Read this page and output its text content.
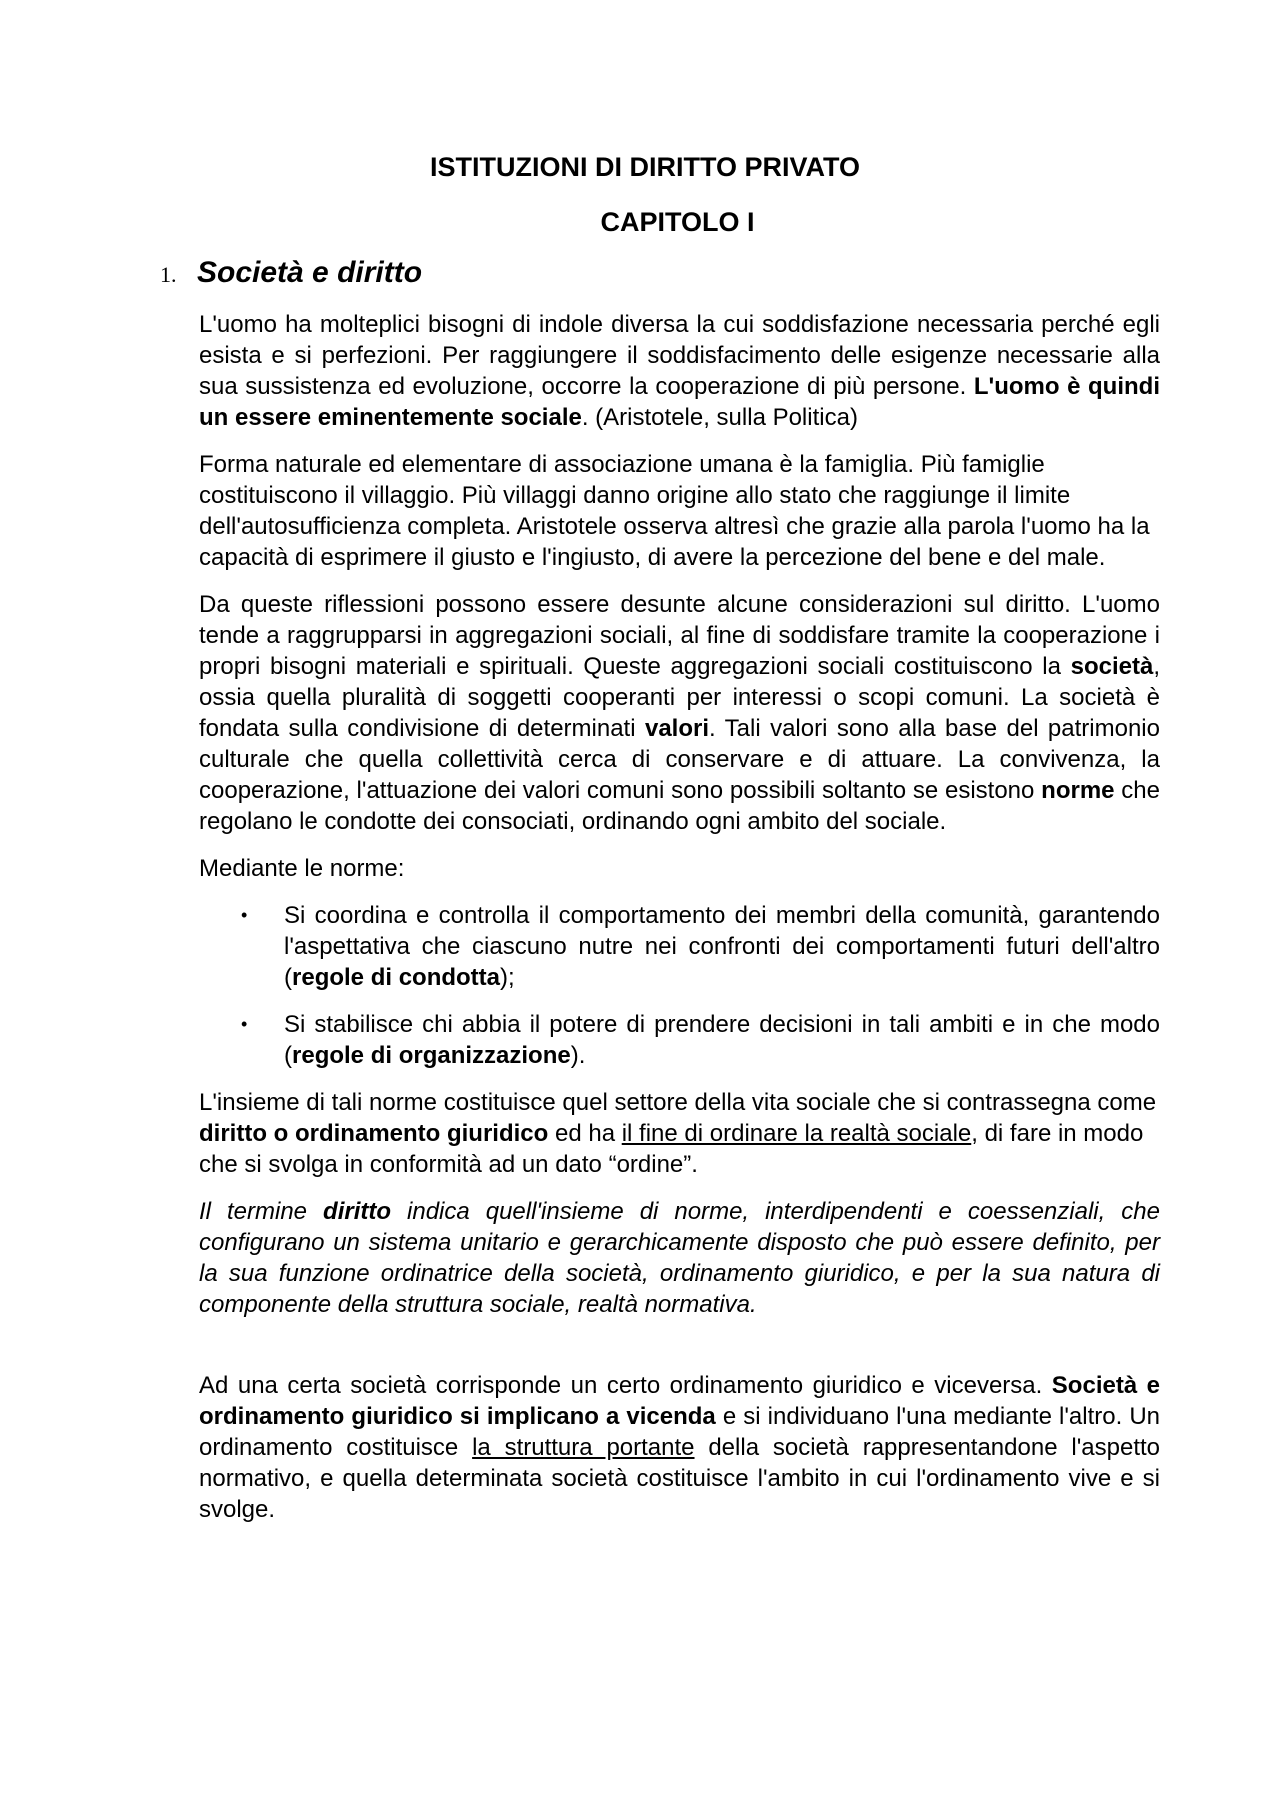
ISTITUZIONI DI DIRITTO PRIVATO
CAPITOLO I
1. Società e diritto

L'uomo ha molteplici bisogni di indole diversa la cui soddisfazione necessaria perché egli esista e si perfezioni. Per raggiungere il soddisfacimento delle esigenze necessarie alla sua sussistenza ed evoluzione, occorre la cooperazione di più persone. L'uomo è quindi un essere eminentemente sociale. (Aristotele, sulla Politica)

Forma naturale ed elementare di associazione umana è la famiglia. Più famiglie costituiscono il villaggio. Più villaggi danno origine allo stato che raggiunge il limite dell'autosufficienza completa. Aristotele osserva altresì che grazie alla parola l'uomo ha la capacità di esprimere il giusto e l'ingiusto, di avere la percezione del bene e del male.

Da queste riflessioni possono essere desunte alcune considerazioni sul diritto. L'uomo tende a raggrupparsi in aggregazioni sociali, al fine di soddisfare tramite la cooperazione i propri bisogni materiali e spirituali. Queste aggregazioni sociali costituiscono la società, ossia quella pluralità di soggetti cooperanti per interessi o scopi comuni. La società è fondata sulla condivisione di determinati valori. Tali valori sono alla base del patrimonio culturale che quella collettività cerca di conservare e di attuare. La convivenza, la cooperazione, l'attuazione dei valori comuni sono possibili soltanto se esistono norme che regolano le condotte dei consociati, ordinando ogni ambito del sociale.

Mediante le norme:

• Si coordina e controlla il comportamento dei membri della comunità, garantendo l'aspettativa che ciascuno nutre nei confronti dei comportamenti futuri dell'altro (regole di condotta);
• Si stabilisce chi abbia il potere di prendere decisioni in tali ambiti e in che modo (regole di organizzazione).

L'insieme di tali norme costituisce quel settore della vita sociale che si contrassegna come diritto o ordinamento giuridico ed ha il fine di ordinare la realtà sociale, di fare in modo che si svolga in conformità ad un dato “ordine”.

Il termine diritto indica quell'insieme di norme, interdipendenti e coessenziali, che configurano un sistema unitario e gerarchicamente disposto che può essere definito, per la sua funzione ordinatrice della società, ordinamento giuridico, e per la sua natura di componente della struttura sociale, realtà normativa.

Ad una certa società corrisponde un certo ordinamento giuridico e viceversa. Società e ordinamento giuridico si implicano a vicenda e si individuano l'una mediante l'altro. Un ordinamento costituisce la struttura portante della società rappresentandone l'aspetto normativo, e quella determinata società costituisce l'ambito in cui l'ordinamento vive e si svolge.
